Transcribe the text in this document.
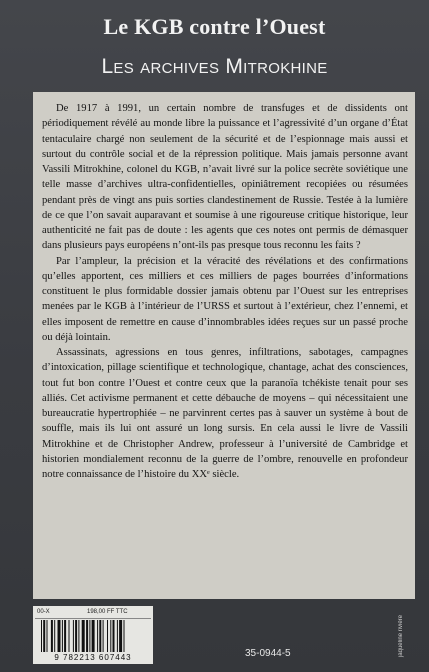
Le KGB contre l’Ouest
Les archives Mitrokhine

De 1917 à 1991, un certain nombre de transfuges et de dissidents ont périodiquement révélé au monde libre la puissance et l’agressivité d’un organe d’État tentaculaire chargé non seulement de la sécurité et de l’espionnage mais aussi et surtout du contrôle social et de la répression politique. Mais jamais personne avant Vassili Mitrokhine, colonel du KGB, n’avait livré sur la police secrète soviétique une telle masse d’archives ultra-confidentielles, opiniâtrement recopiées ou résumées pendant près de vingt ans puis sorties clandestinement de Russie. Testée à la lumière de ce que l’on savait auparavant et soumise à une rigoureuse critique historique, leur authenticité ne fait pas de doute : les agents que ces notes ont permis de démasquer dans plusieurs pays européens n’ont-ils pas presque tous reconnu les faits ?

Par l’ampleur, la précision et la véracité des révélations et des confirmations qu’elles apportent, ces milliers et ces milliers de pages bourrées d’informations constituent le plus formidable dossier jamais obtenu par l’Ouest sur les entreprises menées par le KGB à l’intérieur de l’URSS et surtout à l’extérieur, chez l’ennemi, et elles imposent de remettre en cause d’innombrables idées reçues sur un passé proche ou déjà lointain.

Assassinats, agressions en tous genres, infiltrations, sabotages, campagnes d’intoxication, pillage scientifique et technologique, chantage, achat des consciences, tout fut bon contre l’Ouest et contre ceux que la paranoïa tchékiste tenait pour ses alliés. Cet activisme permanent et cette débauche de moyens – qui nécessitaient une bureaucratie hypertrophiée – ne parvinrent certes pas à sauver un système à bout de souffle, mais ils lui ont assuré un long sursis. En cela aussi le livre de Vassili Mitrokhine et de Christopher Andrew, professeur à l’université de Cambridge et historien mondialement reconnu de la guerre de l’ombre, renouvelle en profondeur notre connaissance de l’histoire du XXᵉ siècle.

00-X	198,00 FF TTC
9 782213 607443	35-0944-5	jaqueline rivière
